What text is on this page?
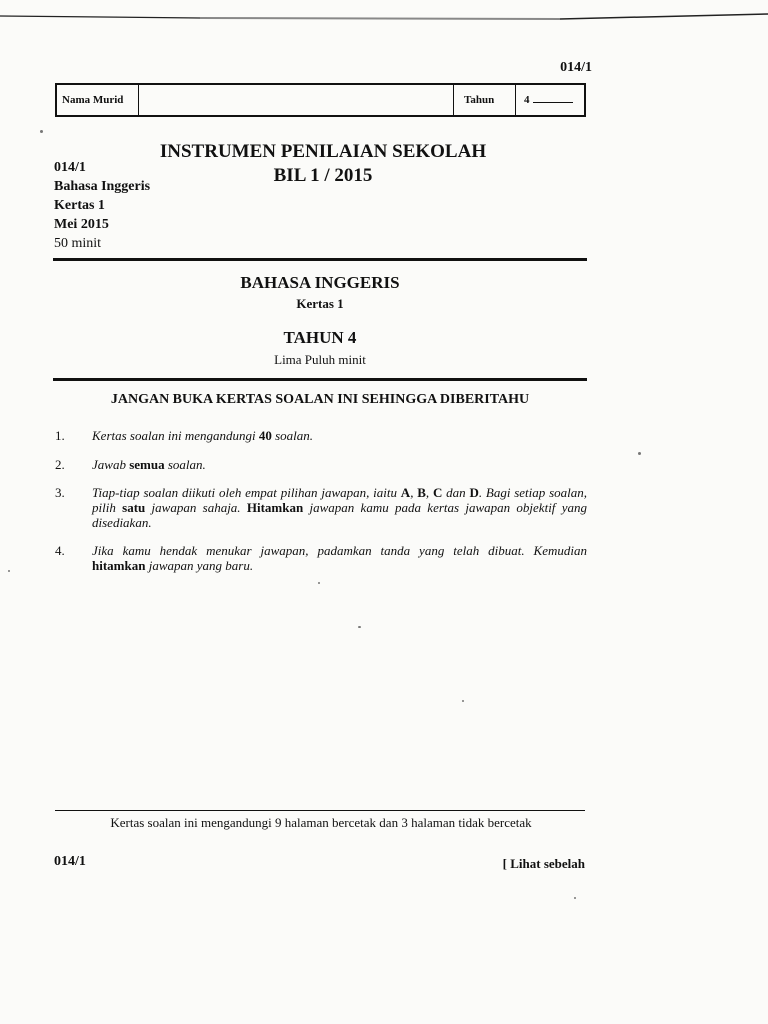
014/1
Nama Murid	Tahun	4
014/1
Bahasa Inggeris
Kertas 1
Mei 2015
50 minit
INSTRUMEN PENILAIAN SEKOLAH
BIL 1 / 2015
BAHASA INGGERIS
Kertas 1
TAHUN 4
Lima Puluh minit
JANGAN BUKA KERTAS SOALAN INI SEHINGGA DIBERITAHU
1. Kertas soalan ini mengandungi 40 soalan.
2. Jawab semua soalan.
3. Tiap-tiap soalan diikuti oleh empat pilihan jawapan, iaitu A, B, C dan D. Bagi setiap soalan, pilih satu jawapan sahaja. Hitamkan jawapan kamu pada kertas jawapan objektif yang disediakan.
4. Jika kamu hendak menukar jawapan, padamkan tanda yang telah dibuat. Kemudian hitamkan jawapan yang baru.
Kertas soalan ini mengandungi 9 halaman bercetak dan 3 halaman tidak bercetak
014/1	[ Lihat sebelah
